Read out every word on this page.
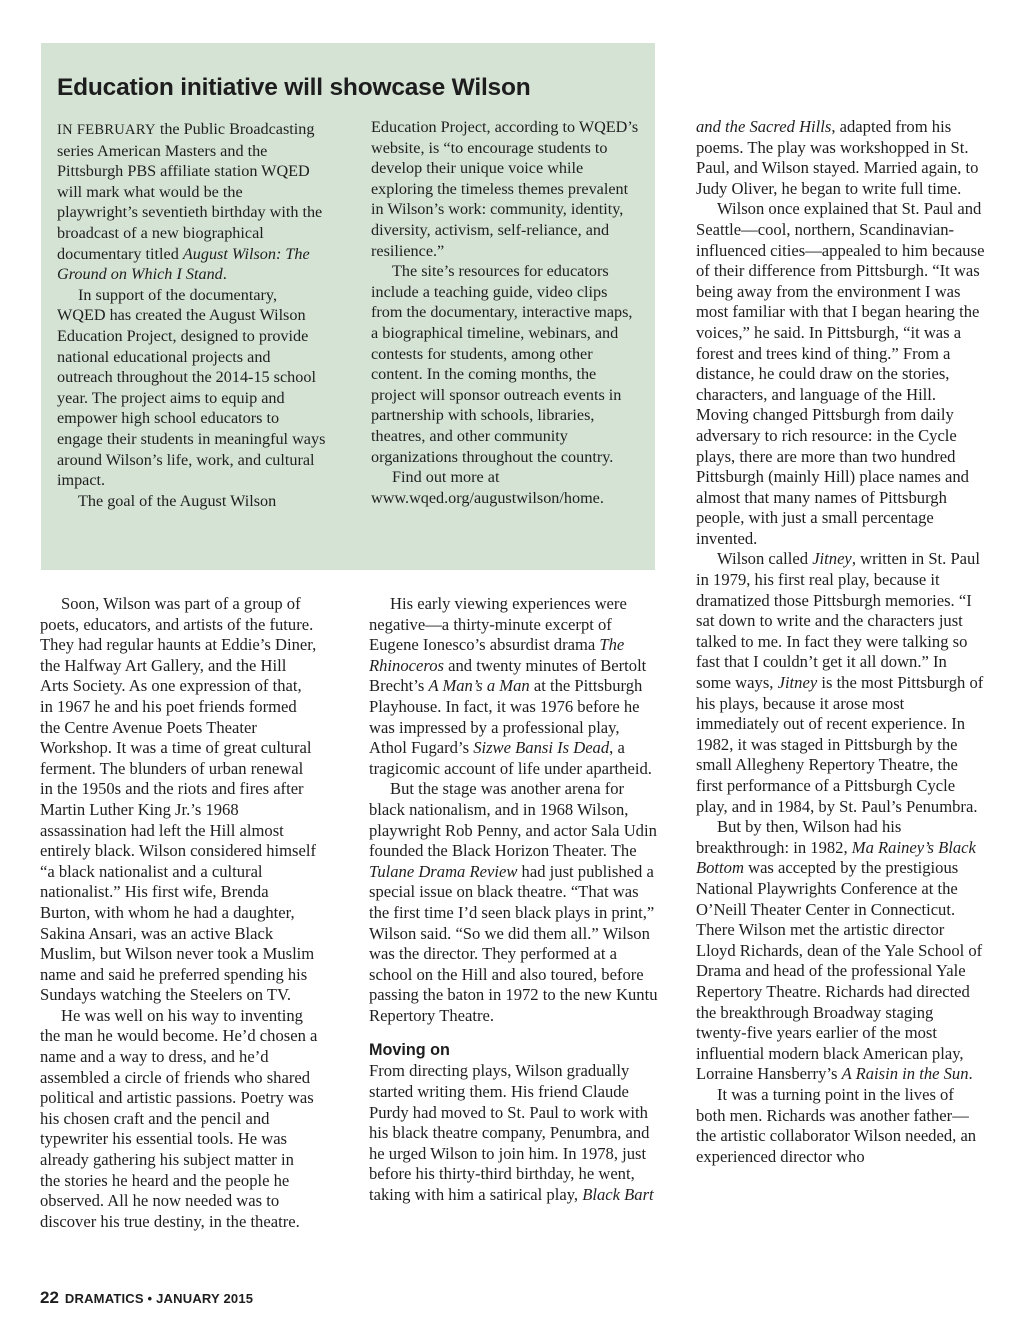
Education initiative will showcase Wilson

IN FEBRUARY the Public Broadcasting series American Masters and the Pittsburgh PBS affiliate station WQED will mark what would be the playwright’s seventieth birthday with the broadcast of a new biographical documentary titled August Wilson: The Ground on Which I Stand.

In support of the documentary, WQED has created the August Wilson Education Project, designed to provide national educational projects and outreach throughout the 2014-15 school year. The project aims to equip and empower high school educators to engage their students in meaningful ways around Wilson’s life, work, and cultural impact.

The goal of the August Wilson

Education Project, according to WQED’s website, is “to encourage students to develop their unique voice while exploring the timeless themes prevalent in Wilson’s work: community, identity, diversity, activism, self-reliance, and resilience.”

The site’s resources for educators include a teaching guide, video clips from the documentary, interactive maps, a biographical timeline, webinars, and contests for students, among other content. In the coming months, the project will sponsor outreach events in partnership with schools, libraries, theatres, and other community organizations throughout the country.

Find out more at www.wqed.org/augustwilson/home.

Soon, Wilson was part of a group of poets, educators, and artists of the future. They had regular haunts at Eddie’s Diner, the Halfway Art Gallery, and the Hill Arts Society. As one expression of that, in 1967 he and his poet friends formed the Centre Avenue Poets Theater Workshop. It was a time of great cultural ferment. The blunders of urban renewal in the 1950s and the riots and fires after Martin Luther King Jr.’s 1968 assassination had left the Hill almost entirely black. Wilson considered himself “a black nationalist and a cultural nationalist.” His first wife, Brenda Burton, with whom he had a daughter, Sakina Ansari, was an active Black Muslim, but Wilson never took a Muslim name and said he preferred spending his Sundays watching the Steelers on TV.

He was well on his way to inventing the man he would become. He’d chosen a name and a way to dress, and he’d assembled a circle of friends who shared political and artistic passions. Poetry was his chosen craft and the pencil and typewriter his essential tools. He was already gathering his subject matter in the stories he heard and the people he observed. All he now needed was to discover his true destiny, in the theatre.

His early viewing experiences were negative—a thirty-minute excerpt of Eugene Ionesco’s absurdist drama The Rhinoceros and twenty minutes of Bertolt Brecht’s A Man’s a Man at the Pittsburgh Playhouse. In fact, it was 1976 before he was impressed by a professional play, Athol Fugard’s Sizwe Bansi Is Dead, a tragicomic account of life under apartheid.

But the stage was another arena for black nationalism, and in 1968 Wilson, playwright Rob Penny, and actor Sala Udin founded the Black Horizon Theater. The Tulane Drama Review had just published a special issue on black theatre. “That was the first time I’d seen black plays in print,” Wilson said. “So we did them all.” Wilson was the director. They performed at a school on the Hill and also toured, before passing the baton in 1972 to the new Kuntu Repertory Theatre.

Moving on

From directing plays, Wilson gradually started writing them. His friend Claude Purdy had moved to St. Paul to work with his black theatre company, Penumbra, and he urged Wilson to join him. In 1978, just before his thirty-third birthday, he went, taking with him a satirical play, Black Bart

and the Sacred Hills, adapted from his poems. The play was workshopped in St. Paul, and Wilson stayed. Married again, to Judy Oliver, he began to write full time.

Wilson once explained that St. Paul and Seattle—cool, northern, Scandinavian-influenced cities—appealed to him because of their difference from Pittsburgh. “It was being away from the environment I was most familiar with that I began hearing the voices,” he said. In Pittsburgh, “it was a forest and trees kind of thing.” From a distance, he could draw on the stories, characters, and language of the Hill. Moving changed Pittsburgh from daily adversary to rich resource: in the Cycle plays, there are more than two hundred Pittsburgh (mainly Hill) place names and almost that many names of Pittsburgh people, with just a small percentage invented.

Wilson called Jitney, written in St. Paul in 1979, his first real play, because it dramatized those Pittsburgh memories. “I sat down to write and the characters just talked to me. In fact they were talking so fast that I couldn’t get it all down.” In some ways, Jitney is the most Pittsburgh of his plays, because it arose most immediately out of recent experience. In 1982, it was staged in Pittsburgh by the small Allegheny Repertory Theatre, the first performance of a Pittsburgh Cycle play, and in 1984, by St. Paul’s Penumbra.

But by then, Wilson had his breakthrough: in 1982, Ma Rainey’s Black Bottom was accepted by the prestigious National Playwrights Conference at the O’Neill Theater Center in Connecticut. There Wilson met the artistic director Lloyd Richards, dean of the Yale School of Drama and head of the professional Yale Repertory Theatre. Richards had directed the breakthrough Broadway staging twenty-five years earlier of the most influential modern black American play, Lorraine Hansberry’s A Raisin in the Sun.

It was a turning point in the lives of both men. Richards was another father—the artistic collaborator Wilson needed, an experienced director who

22 DRAMATICS • JANUARY 2015
